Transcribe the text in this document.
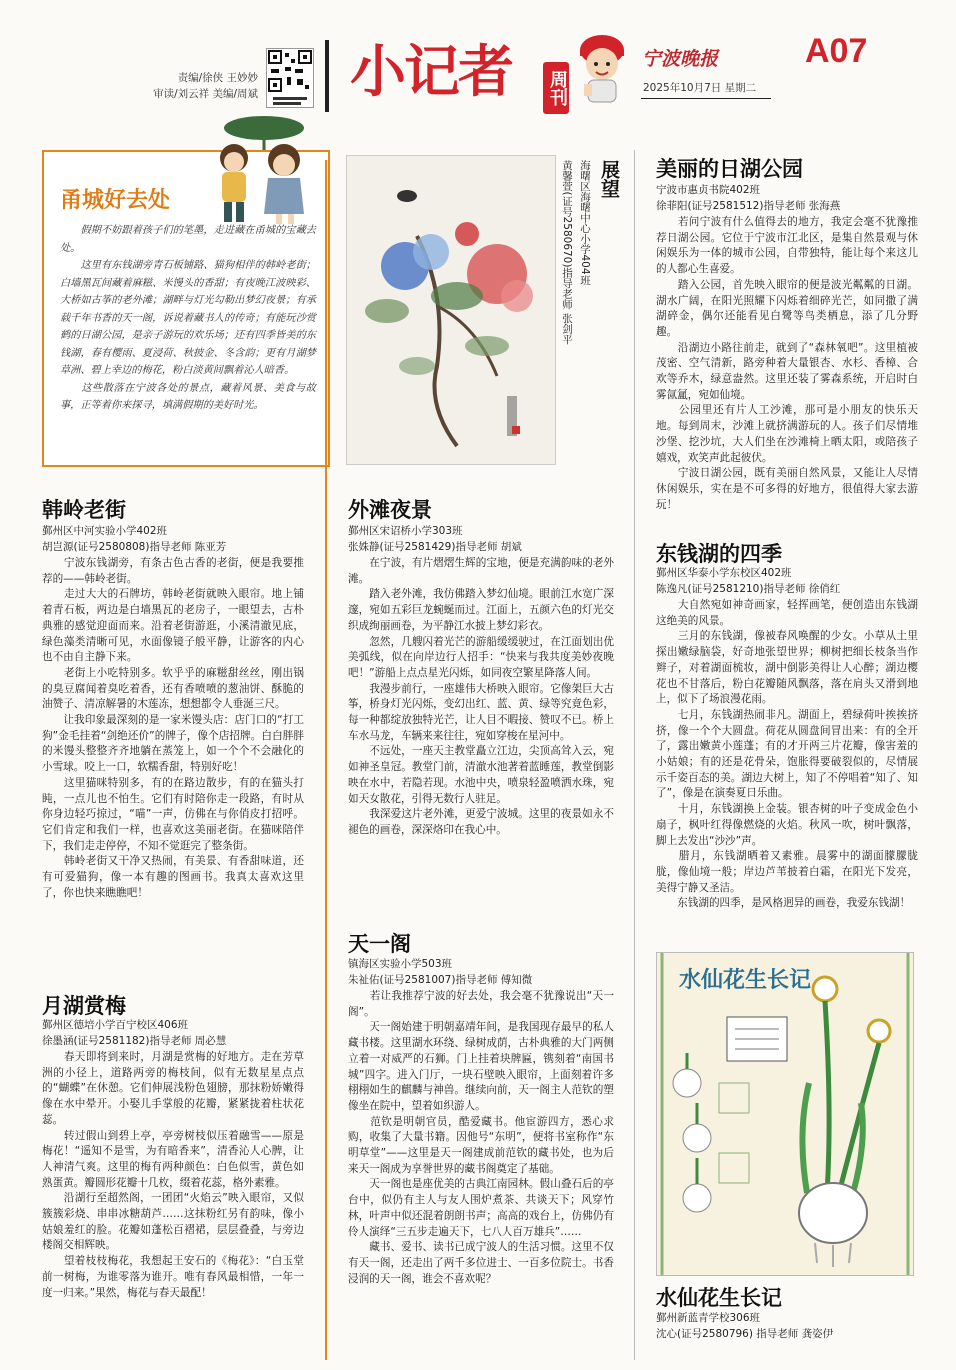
责编/徐侠 王妙妙
审读/刘云祥 美编/周斌 小记者 周刊
宁波晚报	A07
2025年10月7日 星期二
甬城好去处
　　假期不妨跟着孩子们的笔墨，走进藏在甬城的宝藏去处。
　　这里有东钱湖旁青石板铺路、猫狗相伴的韩岭老街；白墙黑瓦间藏着麻糍、米馒头的香甜；有夜晚江波映彩、大桥如古筝的老外滩；湖畔与灯光勾勒出梦幻夜景；有承载千年书香的天一阁，诉说着藏书人的传奇；有能玩沙赏鹤的日湖公园，是亲子游玩的欢乐场；还有四季皆美的东钱湖，春有樱雨、夏浸荷、秋披金、冬含韵；更有月湖梦草洲、碧上幸边的梅花，粉白淡黄间飘着沁人暗香。
　　这些散落在宁波各处的景点，藏着风景、美食与故事，正等着你来探寻，填满假期的美好时光。
韩岭老街
鄞州区中河实验小学402班
胡岂源(证号2580808)指导老师 陈亚芳
　　宁波东钱湖旁，有条古色古香的老街，便是我要推荐的——韩岭老街。
　　走过大大的石牌坊，韩岭老街就映入眼帘。地上铺着青石板，两边是白墙黑瓦的老房子，一眼望去，古朴典雅的感觉迎面而来。沿着老街游逛，小溪清澈见底，绿色藻类清晰可见，水面像镜子般平静，让游客的内心也不由自主静下来。
　　老街上小吃特别多。软乎乎的麻糍甜丝丝，刚出锅的臭豆腐闻着臭吃着香，还有香喷喷的葱油饼、酥脆的油赞子、清凉解暑的木莲冻，想想都令人垂涎三尺。
　　让我印象最深刻的是一家米馒头店：店门口的“打工狗”金毛挂着“剑绝还价”的牌子，像个店招牌。白白胖胖的米馒头整整齐齐地躺在蒸笼上，如一个个不会融化的小雪球。咬上一口，软糯香甜，特别好吃！
　　这里猫咪特别多，有的在路边散步，有的在猫头打盹，一点儿也不怕生。它们有时陪你走一段路，有时从你身边轻巧掠过，“喵”一声，仿佛在与你俏皮打招呼。它们肯定和我们一样，也喜欢这美丽老街。在猫咪陪伴下，我们走走停停，不知不觉逛完了整条街。
　　韩岭老街又干净又热闹，有美景、有香甜味道，还有可爱猫狗，像一本有趣的图画书。我真太喜欢这里了，你也快来瞧瞧吧！
月湖赏梅
鄞州区德培小学百宁校区406班
徐墨涵(证号2581182)指导老师 周必慧
　　春天即将到来时，月湖是赏梅的好地方。走在芳草洲的小径上，道路两旁的梅枝间，似有无数星星点点的“蝴蝶”在休憩。它们伸展浅粉色翅膀，那抹粉娇嫩得像在水中晕开。小娶儿手掌般的花瓣，紧紧拢着柱状花蕊。
　　转过假山到碧上亭，亭旁树枝似压着融雪——原是梅花！“遥知不是雪，为有暗香来”，清香沁人心脾，让人神清气爽。这里的梅有两种颜色：白色似雪，黄色如熟蛋黄。瓣圆形花瓣十几枚，缀着花蕊，格外素雅。
　　沿湖行至超然阁，一团团“火焰云”映入眼帘，又似簇簇彩烧、串串冰糖葫芦……这抹粉红另有韵味，像小姑娘羞红的脸。花瓣如蓬松百褶裙，层层叠叠，与旁边楼阁交相辉映。
　　望着枝枝梅花，我想起王安石的《梅花》：“白玉堂前一树梅，为谁零落为谁开。唯有春风最相惜，一年一度一归来。”果然，梅花与春天最配！
展望
海曙区海曙中心小学404班
黄馨萱(证号2580670)指导老师 张剑平
外滩夜景
鄞州区宋诏桥小学303班
张姝静(证号2581429)指导老师 胡斌
　　在宁波，有片熠熠生辉的宝地，便是充满韵味的老外滩。
　　踏入老外滩，我仿佛踏入梦幻仙境。眼前江水宽广深邃，宛如五彩巨龙蜿蜒而过。江面上，五颜六色的灯光交织成绚丽画卷，为平静江水披上梦幻彩衣。
　　忽然，几艘闪着光芒的游船缓缓驶过，在江面划出优美弧线，似在向岸边行人招手：“快来与我共度美妙夜晚吧！”游船上点点星光闪烁，如同夜空繁星降落人间。
　　我漫步前行，一座雄伟大桥映入眼帘。它像架巨大古筝，桥身灯光闪烁，变幻出红、蓝、黄、绿等究竟色彩，每一种都绽放独特光芒，让人目不暇接、赞叹不已。桥上车水马龙，车辆来来往往，宛如穿梭在星河中。
　　不远处，一座天主教堂矗立江边，尖顶高耸入云，宛如神圣皇冠。教堂门前，清澈水池著着蓝睡莲，教堂倒影映在水中，若隐若现。水池中央，喷泉轻盈喷洒水珠，宛如天女散花，引得无数行人驻足。
　　我深爱这片老外滩，更爱宁波城。这里的夜景如永不褪色的画卷，深深烙印在我心中。
天一阁
镇海区实验小学503班
朱祉佑(证号2581007)指导老师 傅知微
　　若让我推荐宁波的好去处，我会毫不犹豫说出“天一阁”。
　　天一阁始建于明朝嘉靖年间，是我国现存最早的私人藏书楼。这里湖水环绕、绿树成荫，古朴典雅的大门两侧立着一对威严的石狮。门上挂着块牌匾，镌刻着“南国书城”四字。进入门厅，一块石壁映入眼帘，上面刻着许多栩栩如生的麒麟与神兽。继续向前，天一阁主人范钦的塑像坐在院中，望着如织游人。
　　范钦是明朝官员，酷爱藏书。他宦游四方，悉心求购，收集了大量书籍。因他号“东明”，便将书室称作“东明草堂”——这里是天一阁建成前范钦的藏书处，也为后来天一阁成为享誉世界的藏书阁奠定了基础。
　　天一阁也是座优美的古典江南园林。假山叠石后的亭台中，似仍有主人与友人围炉煮茶、共谈天下；风穿竹林，叶声中似还混着朗朗书声；高高的戏台上，仿佛仍有伶人演绎“三五步走遍天下，七八人百万雄兵”……
　　藏书、爱书、读书已成宁波人的生活习惯。这里不仅有天一阁，还走出了两千多位进士、一百多位院士。书香浸润的天一阁，谁会不喜欢呢？
美丽的日湖公园
宁波市惠贞书院402班
徐菲阳(证号2581512)指导老师 张海燕
　　若问宁波有什么值得去的地方，我定会毫不犹豫推荐日湖公园。它位于宁波市江北区，是集自然景观与休闲娱乐为一体的城市公园，自带独特，能让每个来这儿的人都心生喜爱。
　　踏入公园，首先映入眼帘的便是波光粼粼的日湖。湖水广阔，在阳光照耀下闪烁着细碎光芒，如同撒了满湖碎金，偶尔还能看见白鹭等鸟类栖息，添了几分野趣。
　　沿湖边小路往前走，就到了“森林氧吧”。这里植被茂密、空气清新，路旁种着大量银杏、水杉、香樟、合欢等乔木，绿意盎然。这里还装了雾森系统，开启时白雾氤氲，宛如仙境。
　　公园里还有片人工沙滩，那可是小朋友的快乐天地。每到周末，沙滩上就挤满游玩的人。孩子们尽情堆沙堡、挖沙坑，大人们坐在沙滩椅上晒太阳，或陪孩子嬉戏，欢笑声此起彼伏。
　　宁波日湖公园，既有美丽自然风景，又能让人尽情休闲娱乐，实在是不可多得的好地方，很值得大家去游玩！
东钱湖的四季
鄞州区华泰小学东校区402班
陈逸凡(证号2581210)指导老师 徐俏红
　　大自然宛如神奇画家，轻挥画笔，便创造出东钱湖这绝美的风景。
　　三月的东钱湖，像被春风唤醒的少女。小草从土里探出嫩绿脑袋，好奇地张望世界；柳树把细长枝条当作辫子，对着湖面梳妆，湖中倒影美得让人心醉；湖边樱花也不甘落后，粉白花瓣随风飘落，落在肩头又滑到地上，似下了场浪漫花雨。
　　七月，东钱湖热闹非凡。湖面上，碧绿荷叶挨挨挤挤，像一个个大圆盘。荷花从圆盘间冒出来：有的全开了，露出嫩黄小莲蓬；有的才开两三片花瓣，像害羞的小姑娘；有的还是花骨朵，饱胀得要破裂似的，尽情展示千姿百态的美。湖边大树上，知了不停唱着“知了、知了”，像是在演奏夏日乐曲。
　　十月，东钱湖换上金装。银杏树的叶子变成金色小扇子，枫叶红得像燃烧的火焰。秋风一吹，树叶飘落，脚上去发出“沙沙”声。
　　腊月，东钱湖晒着又素雅。晨雾中的湖面朦朦胧胧，像仙境一般；岸边芦苇披着白霜，在阳光下发亮，美得宁静又圣洁。
　　东钱湖的四季，是风格迥异的画卷，我爱东钱湖！
水仙花生长记
水仙花生长记
鄞州新蓝青学校306班
沈心(证号2580796) 指导老师 龚姿伊
